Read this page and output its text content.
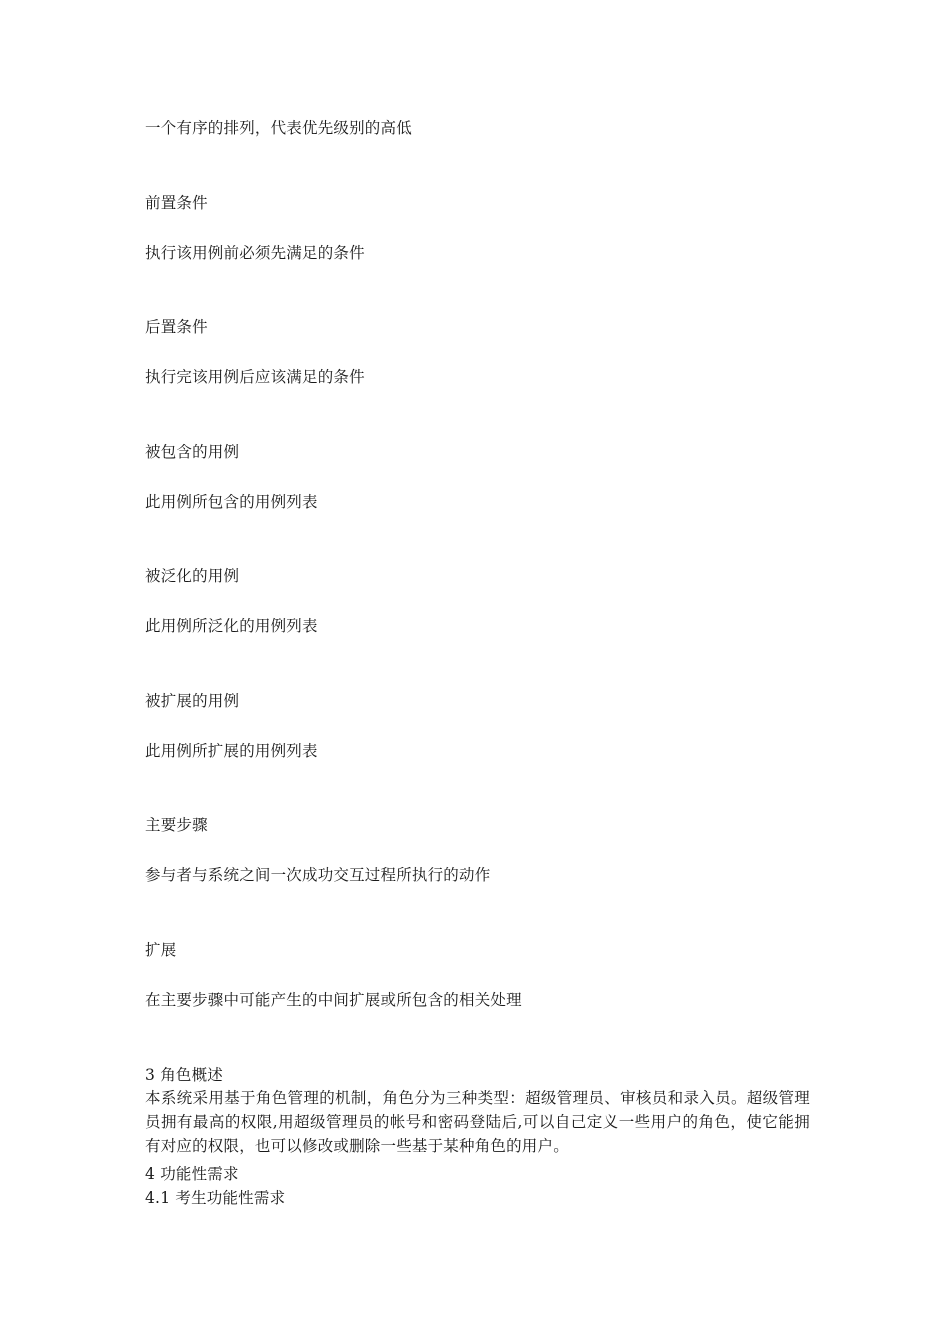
一个有序的排列，代表优先级别的高低
前置条件
执行该用例前必须先满足的条件
后置条件
执行完该用例后应该满足的条件
被包含的用例
此用例所包含的用例列表
被泛化的用例
此用例所泛化的用例列表
被扩展的用例
此用例所扩展的用例列表
主要步骤
参与者与系统之间一次成功交互过程所执行的动作
扩展
在主要步骤中可能产生的中间扩展或所包含的相关处理
3 角色概述
本系统采用基于角色管理的机制，角色分为三种类型：超级管理员、审核员和录入员。超级管理员拥有最高的权限,用超级管理员的帐号和密码登陆后,可以自己定义一些用户的角色，使它能拥有对应的权限，也可以修改或删除一些基于某种角色的用户。
4 功能性需求
4.1 考生功能性需求
